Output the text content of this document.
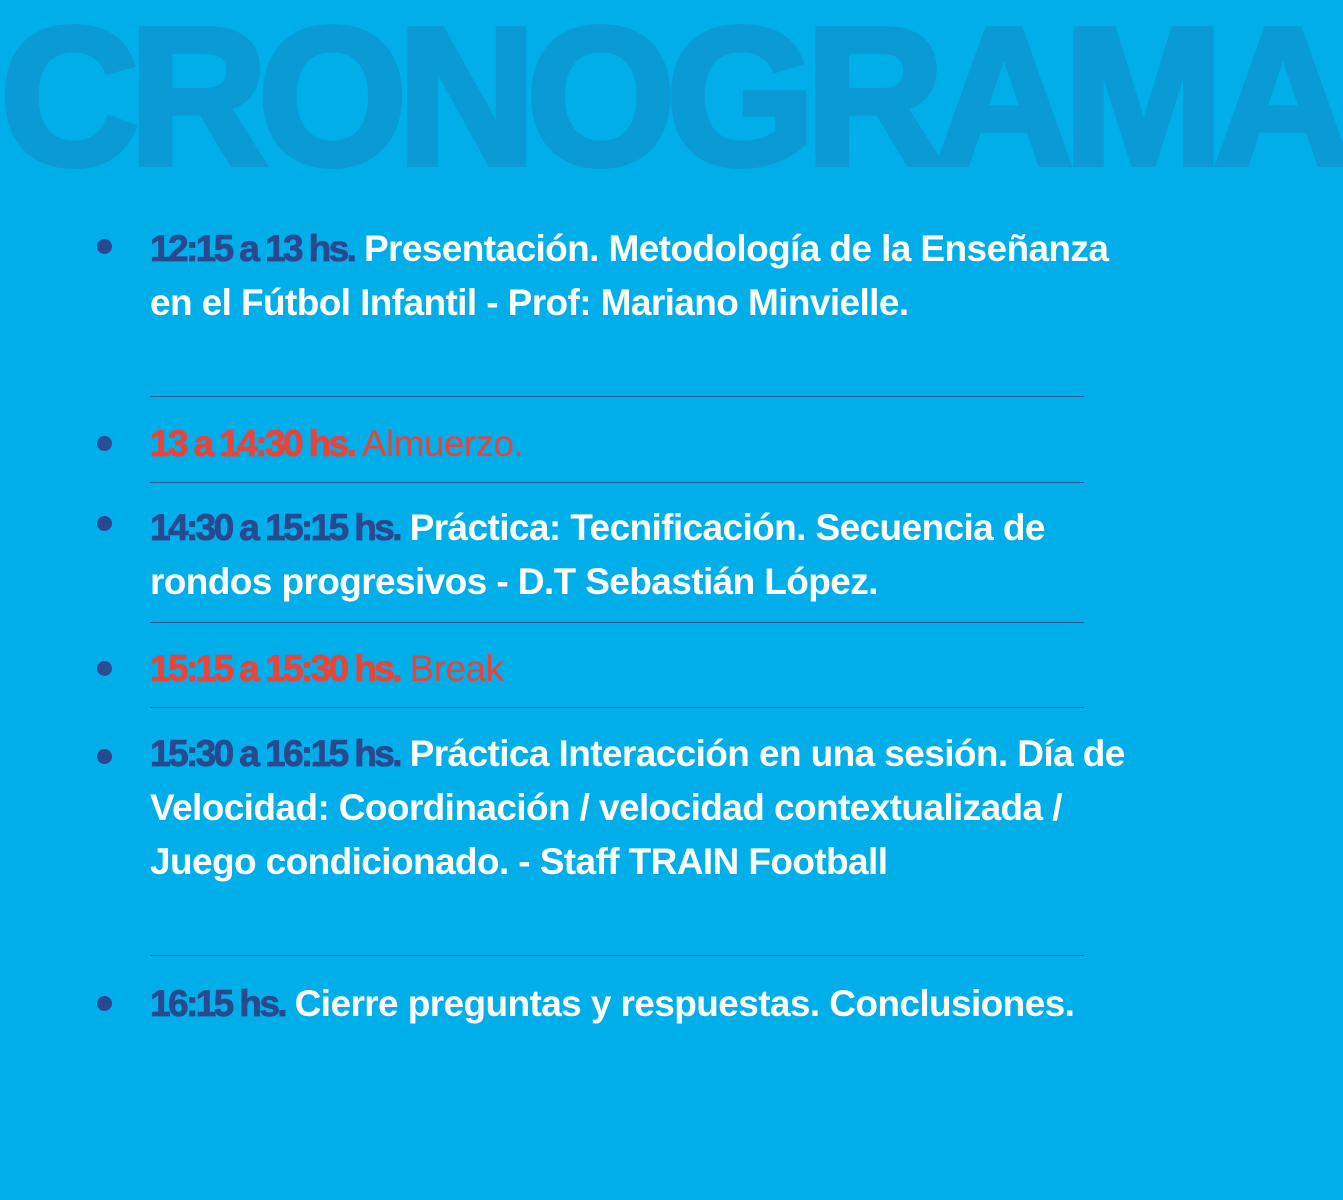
CRONOGRAMA
12:15 a 13 hs. Presentación. Metodología de la Enseñanza en el Fútbol Infantil - Prof: Mariano Minvielle.
13 a 14:30 hs. Almuerzo.
14:30 a 15:15 hs. Práctica: Tecnificación. Secuencia de rondos progresivos - D.T Sebastián López.
15:15 a 15:30 hs. Break
15:30 a 16:15 hs. Práctica Interacción en una sesión. Día de Velocidad: Coordinación / velocidad contextualizada / Juego condicionado. - Staff TRAIN Football
16:15 hs. Cierre preguntas y respuestas. Conclusiones.
